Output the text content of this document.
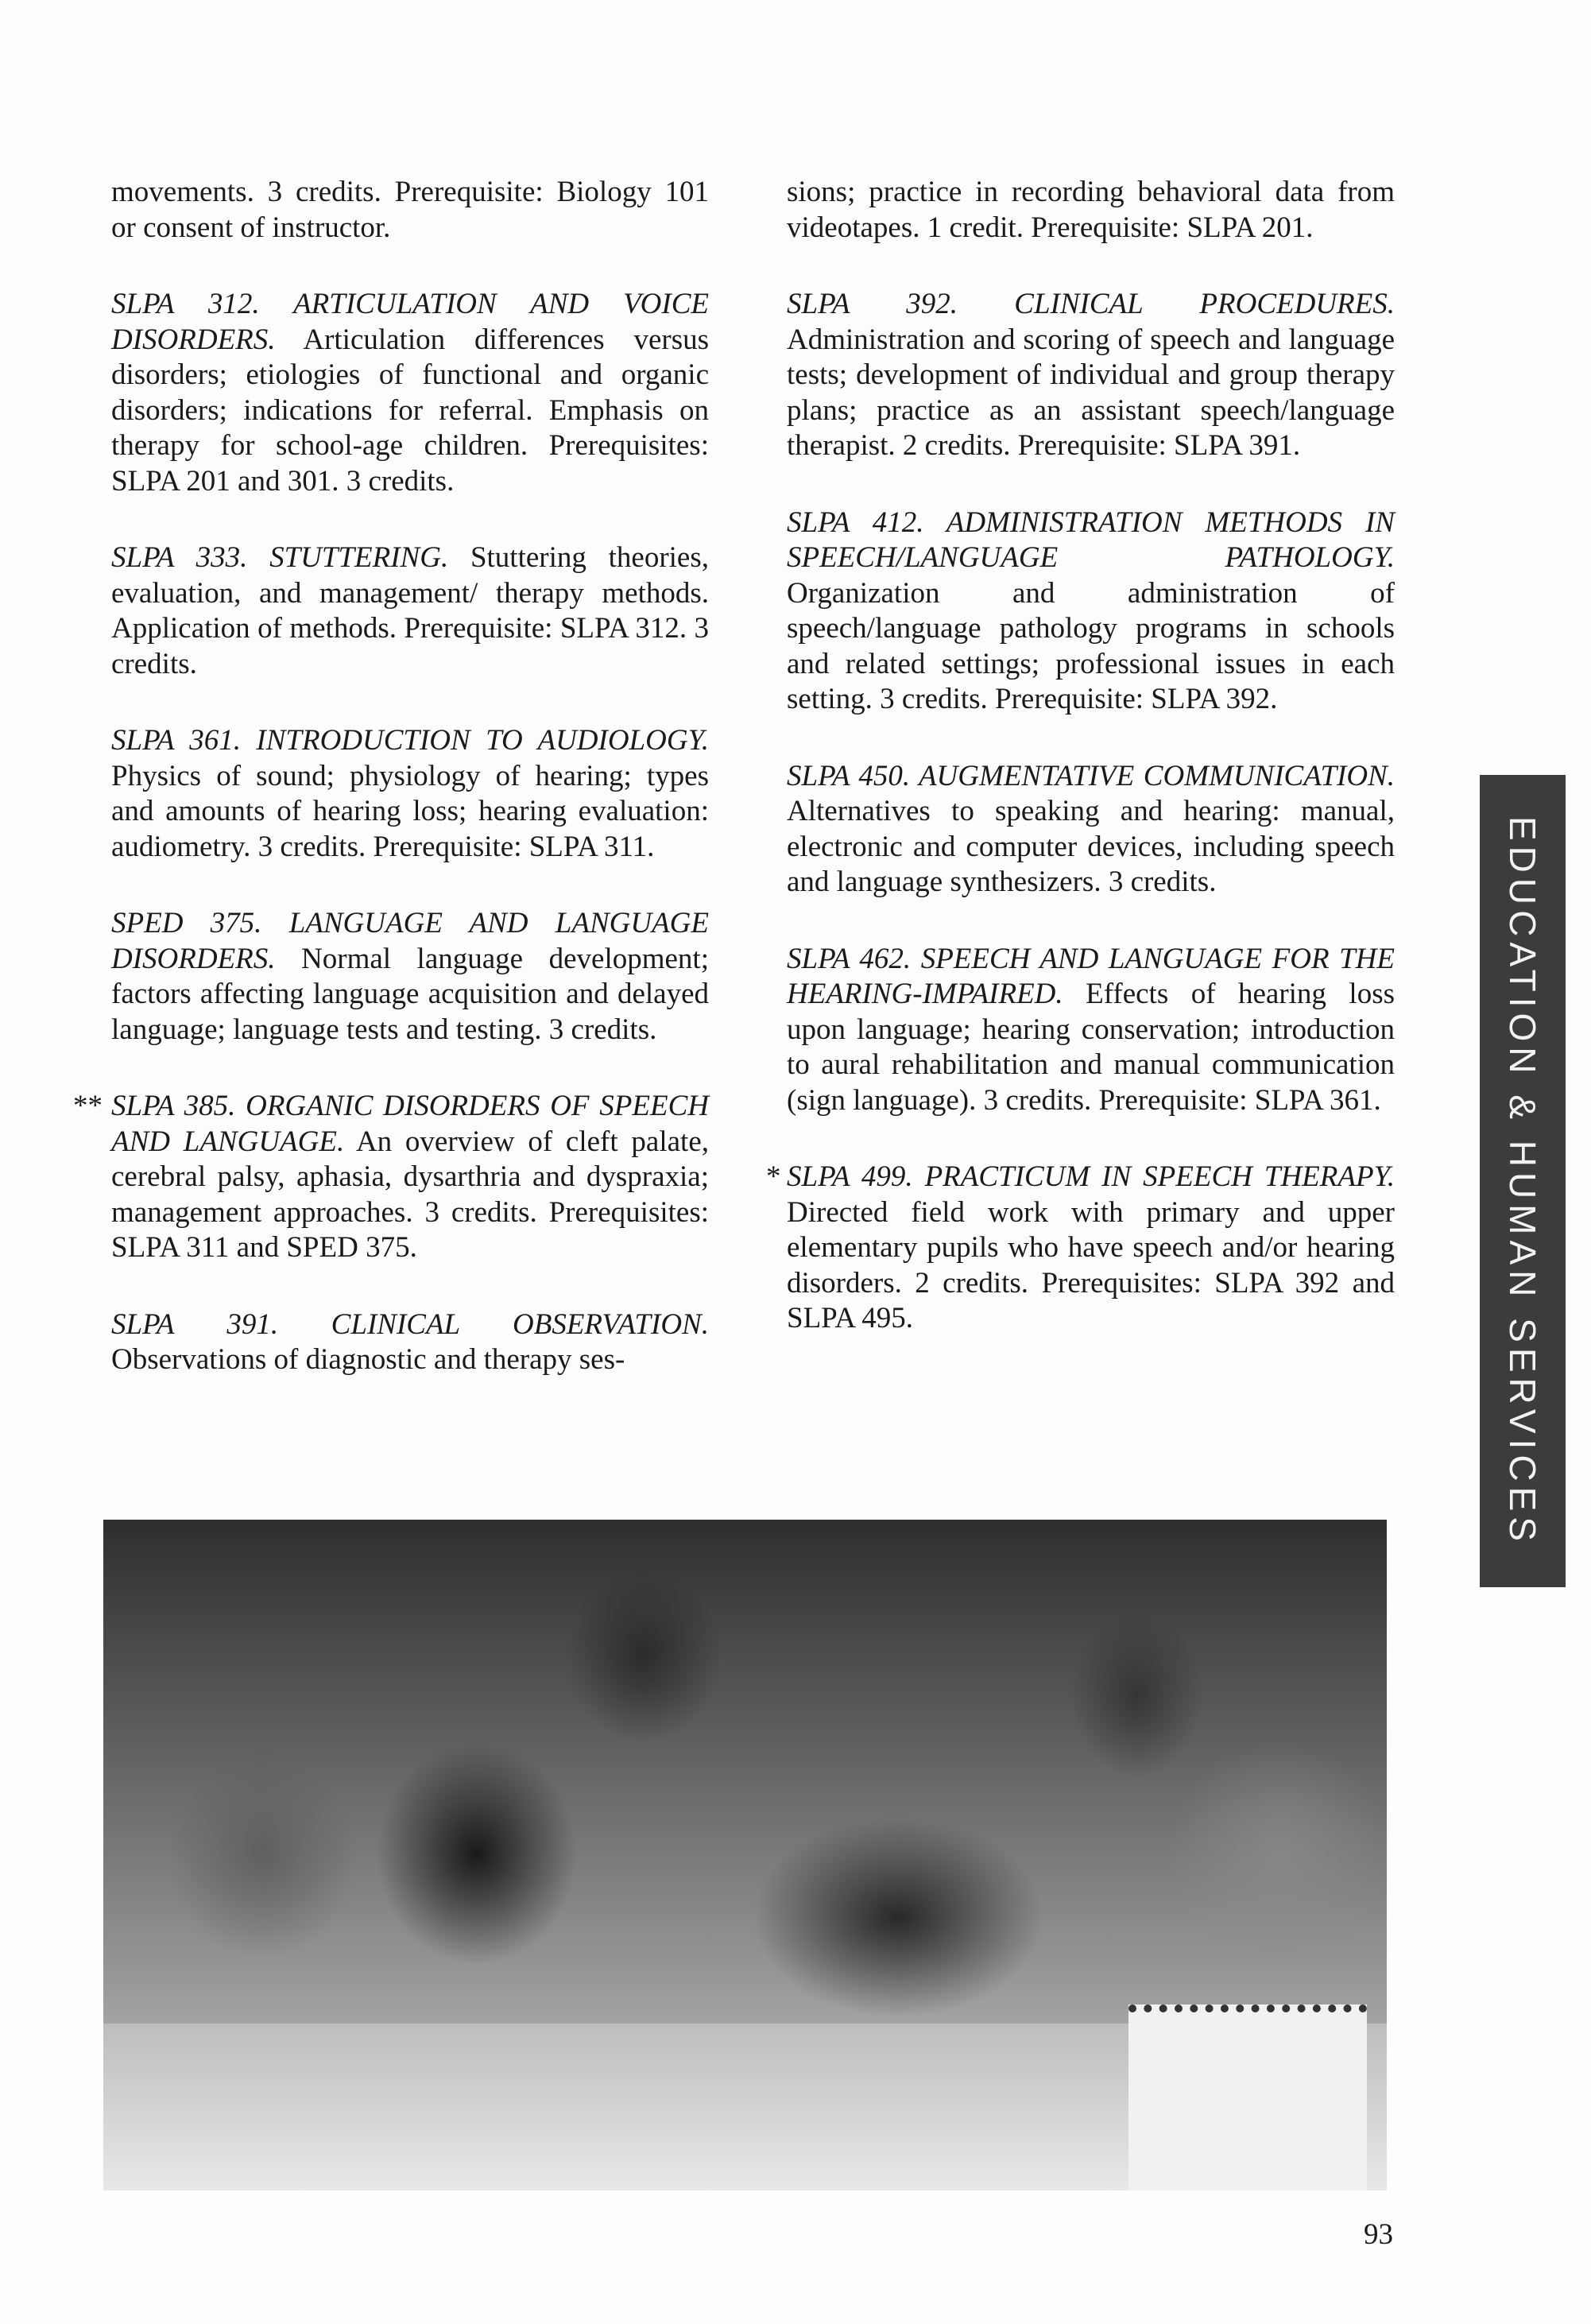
movements. 3 credits. Prerequisite: Biology 101 or consent of instructor.

SLPA 312. ARTICULATION AND VOICE DISORDERS. Articulation differences versus disorders; etiologies of functional and organic disorders; indications for referral. Emphasis on therapy for school-age children. Prerequisites: SLPA 201 and 301. 3 credits.

SLPA 333. STUTTERING. Stuttering theories, evaluation, and management/ therapy methods. Application of methods. Prerequisite: SLPA 312. 3 credits.

SLPA 361. INTRODUCTION TO AUDIOLOGY. Physics of sound; physiology of hearing; types and amounts of hearing loss; hearing evaluation: audiometry. 3 credits. Prerequisite: SLPA 311.

SPED 375. LANGUAGE AND LANGUAGE DISORDERS. Normal language development; factors affecting language acquisition and delayed language; language tests and testing. 3 credits.

** SLPA 385. ORGANIC DISORDERS OF SPEECH AND LANGUAGE. An overview of cleft palate, cerebral palsy, aphasia, dysarthria and dyspraxia; management approaches. 3 credits. Prerequisites: SLPA 311 and SPED 375.

SLPA 391. CLINICAL OBSERVATION. Observations of diagnostic and therapy ses-

sions; practice in recording behavioral data from videotapes. 1 credit. Prerequisite: SLPA 201.

SLPA 392. CLINICAL PROCEDURES. Administration and scoring of speech and language tests; development of individual and group therapy plans; practice as an assistant speech/language therapist. 2 credits. Prerequisite: SLPA 391.

SLPA 412. ADMINISTRATION METHODS IN SPEECH/LANGUAGE PATHOLOGY. Organization and administration of speech/language pathology programs in schools and related settings; professional issues in each setting. 3 credits. Prerequisite: SLPA 392.

SLPA 450. AUGMENTATIVE COMMUNICATION. Alternatives to speaking and hearing: manual, electronic and computer devices, including speech and language synthesizers. 3 credits.

SLPA 462. SPEECH AND LANGUAGE FOR THE HEARING-IMPAIRED. Effects of hearing loss upon language; hearing conservation; introduction to aural rehabilitation and manual communication (sign language). 3 credits. Prerequisite: SLPA 361.

* SLPA 499. PRACTICUM IN SPEECH THERAPY. Directed field work with primary and upper elementary pupils who have speech and/or hearing disorders. 2 credits. Prerequisites: SLPA 392 and SLPA 495.	EDUCATION & HUMAN SERVICES
93
